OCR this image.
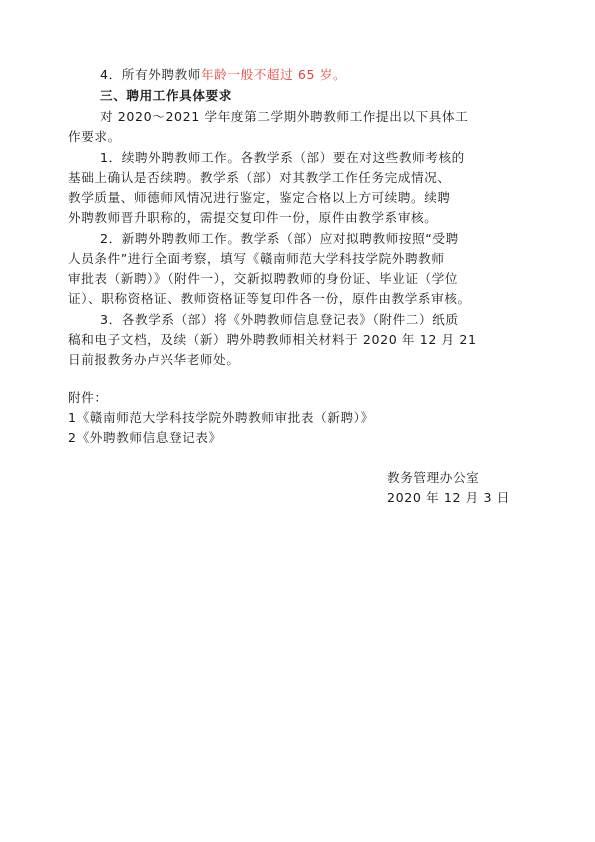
4．所有外聘教师年龄一般不超过 65 岁。
三、聘用工作具体要求
对 2020～2021 学年度第二学期外聘教师工作提出以下具体工
作要求。
1．续聘外聘教师工作。各教学系（部）要在对这些教师考核的
基础上确认是否续聘。教学系（部）对其教学工作任务完成情况、
教学质量、师德师风情况进行鉴定，鉴定合格以上方可续聘。续聘
外聘教师晋升职称的，需提交复印件一份，原件由教学系审核。
2．新聘外聘教师工作。教学系（部）应对拟聘教师按照“受聘
人员条件”进行全面考察，填写《赣南师范大学科技学院外聘教师
审批表（新聘）》（附件一），交新拟聘教师的身份证、毕业证（学位
证）、职称资格证、教师资格证等复印件各一份，原件由教学系审核。
3．各教学系（部）将《外聘教师信息登记表》（附件二）纸质
稿和电子文档，及续（新）聘外聘教师相关材料于 2020 年 12 月 21
日前报教务办卢兴华老师处。
附件：
1《赣南师范大学科技学院外聘教师审批表（新聘）》
2《外聘教师信息登记表》
教务管理办公室
2020 年 12 月 3 日
